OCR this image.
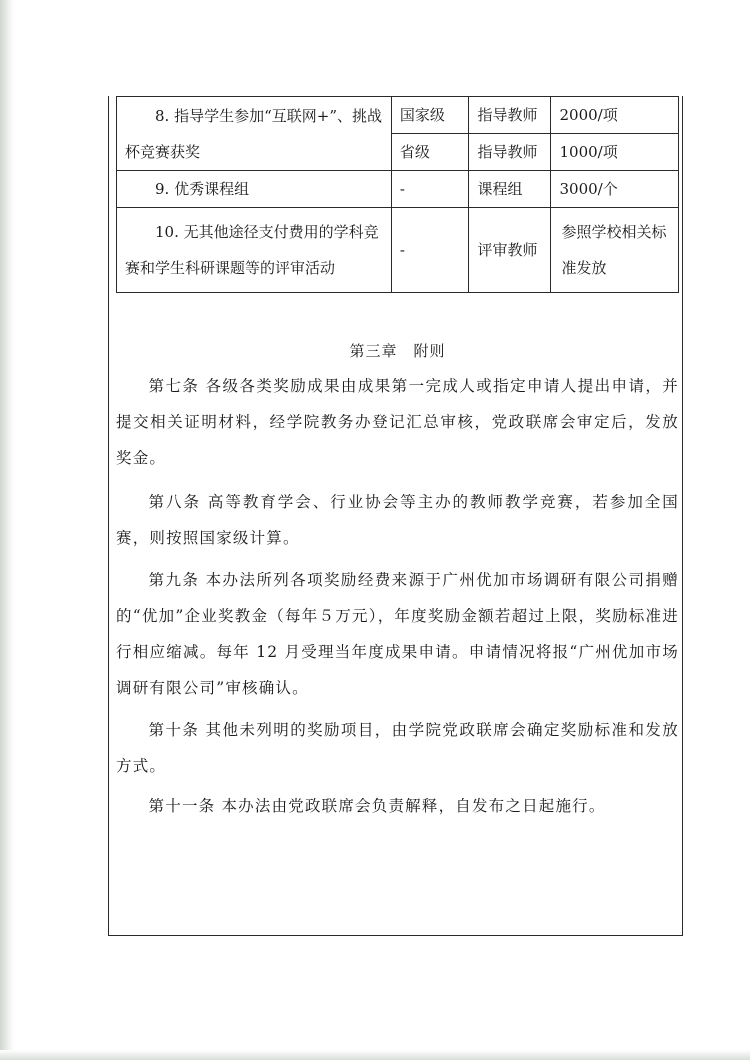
8. 指导学生参加“互联网+”、挑战杯竞赛获奖	国家级	指导教师	2000/项
	省级	指导教师	1000/项
9. 优秀课程组	-	课程组	3000/个
10. 无其他途径支付费用的学科竞赛和学生科研课题等的评审活动	-	评审教师	参照学校相关标准发放
第三章　附则

第七条 各级各类奖励成果由成果第一完成人或指定申请人提出申请，并提交相关证明材料，经学院教务办登记汇总审核，党政联席会审定后，发放奖金。

第八条 高等教育学会、行业协会等主办的教师教学竞赛，若参加全国赛，则按照国家级计算。

第九条 本办法所列各项奖励经费来源于广州优加市场调研有限公司捐赠的“优加”企业奖教金（每年５万元），年度奖励金额若超过上限，奖励标准进行相应缩减。每年 12 月受理当年度成果申请。申请情况将报“广州优加市场调研有限公司”审核确认。

第十条 其他未列明的奖励项目，由学院党政联席会确定奖励标准和发放方式。

第十一条 本办法由党政联席会负责解释，自发布之日起施行。
